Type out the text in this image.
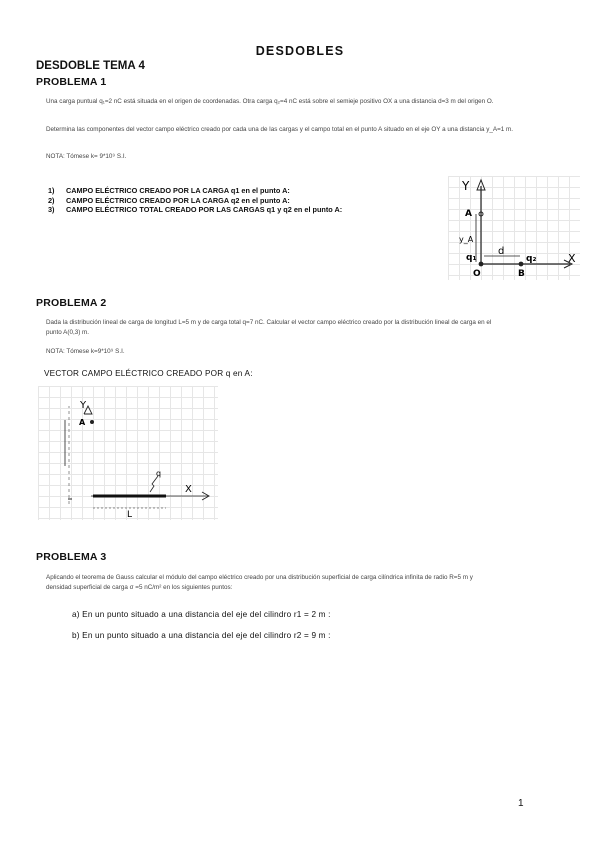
DESDOBLES
DESDOBLE TEMA 4
PROBLEMA 1
Una carga puntual q₁=2 nC está situada en el origen de coordenadas. Otra carga q₂=4 nC está sobre el semieje positivo OX a una distancia d=3 m del origen O.
Determina las componentes del vector campo eléctrico creado por cada una de las cargas y el campo total en el punto A situado en el eje OY a una distancia y_A=1 m.
NOTA: Tómese k= 9*10⁹ S.I.
1) CAMPO ELÉCTRICO CREADO POR LA CARGA q1 en el punto A:
2) CAMPO ELÉCTRICO CREADO POR LA CARGA q2 en el punto A:
3) CAMPO ELÉCTRICO TOTAL CREADO POR LAS CARGAS q1 y q2 en el punto A:
Y
A
y_A
q₁
d
q₂	X
O	B
PROBLEMA 2
Dada la distribución lineal de carga de longitud L=5 m y de carga total q=7 nC. Calcular el vector campo eléctrico creado por la distribución lineal de carga en el punto A(0,3) m.
NOTA: Tómese k=9*10⁹ S.I.
VECTOR CAMPO ELÉCTRICO CREADO POR q en A:
Y
A
q
X
L
PROBLEMA 3
Aplicando el teorema de Gauss calcular el módulo del campo eléctrico creado por una distribución superficial de carga cilíndrica infinita de radio R=5 m y densidad superficial de carga σ =5 nC/m² en los siguientes puntos:
a) En un punto situado a una distancia del eje del cilindro r1 = 2 m :
b) En un punto situado a una distancia del eje del cilindro r2 = 9 m :
1
